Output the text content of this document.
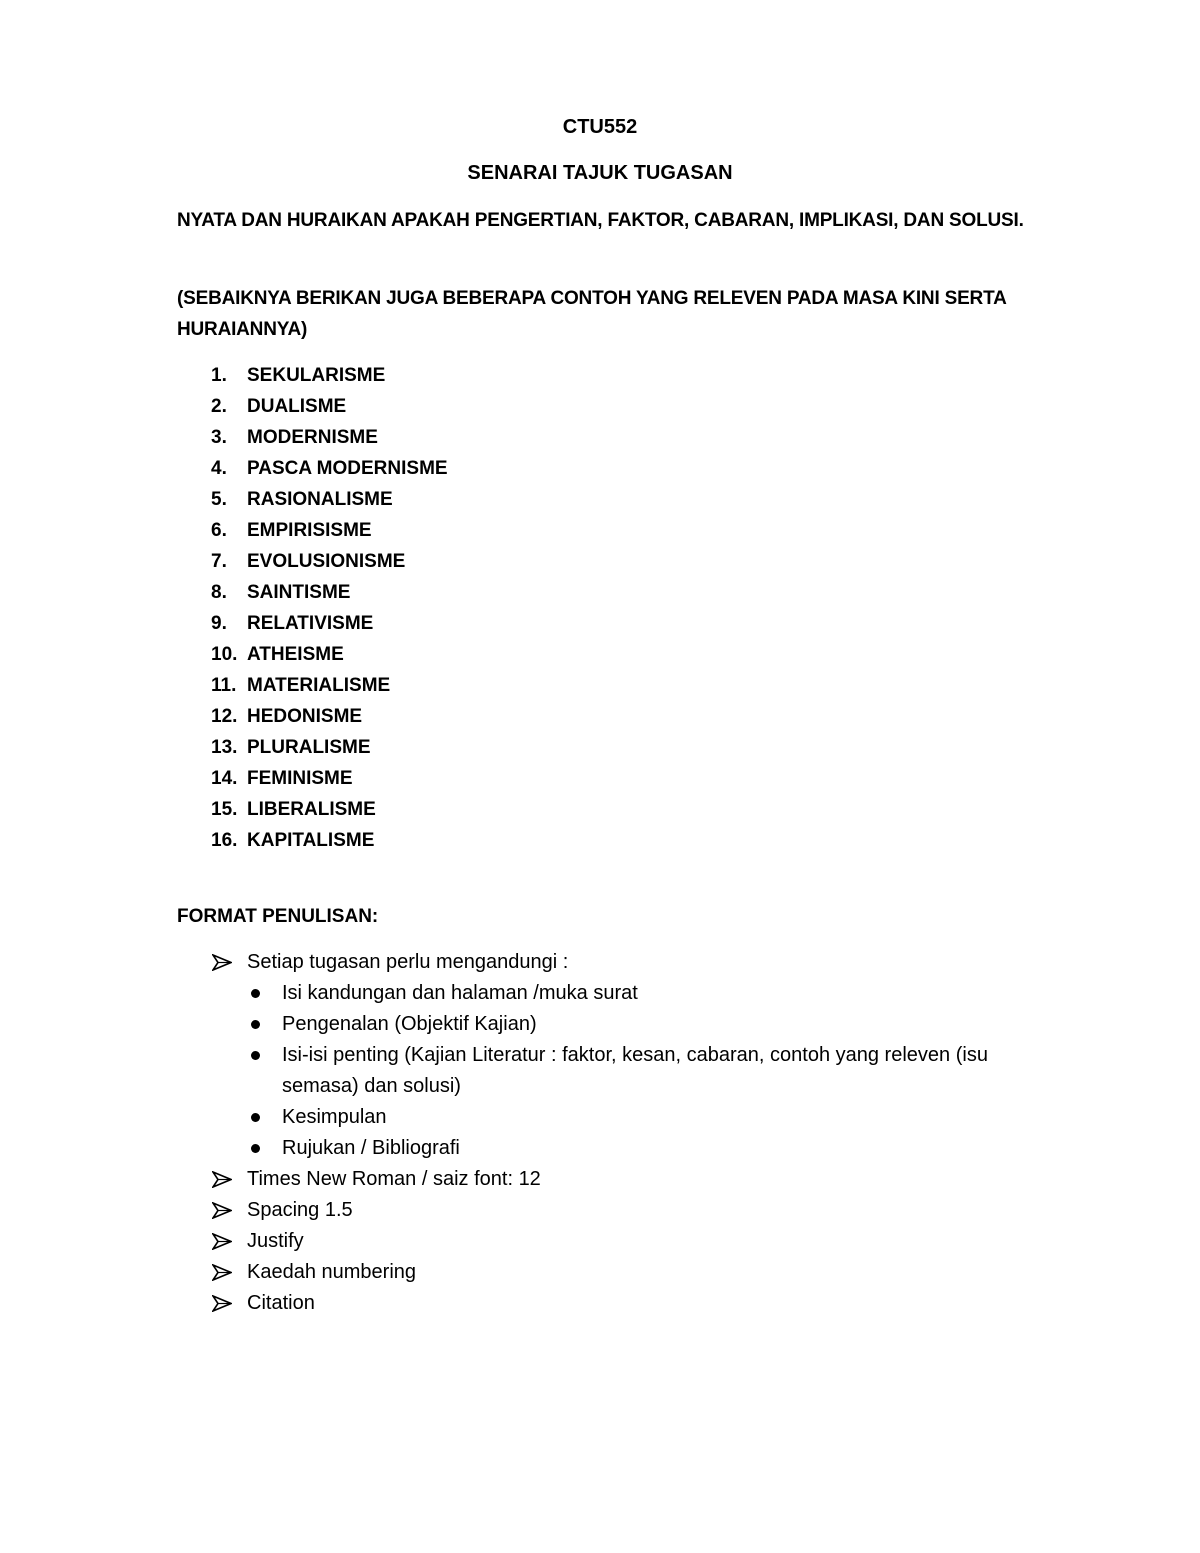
CTU552
SENARAI TAJUK TUGASAN
NYATA DAN HURAIKAN APAKAH PENGERTIAN, FAKTOR, CABARAN, IMPLIKASI, DAN SOLUSI.
(SEBAIKNYA BERIKAN JUGA BEBERAPA CONTOH YANG RELEVEN PADA MASA KINI SERTA HURAIANNYA)
1.	SEKULARISME
2.	DUALISME
3.	MODERNISME
4.	PASCA MODERNISME
5.	RASIONALISME
6.	EMPIRISISME
7.	EVOLUSIONISME
8.	SAINTISME
9.	RELATIVISME
10. ATHEISME
11. MATERIALISME
12. HEDONISME
13. PLURALISME
14. FEMINISME
15. LIBERALISME
16. KAPITALISME
FORMAT PENULISAN:
Setiap tugasan perlu mengandungi :
Isi kandungan dan halaman /muka surat
Pengenalan (Objektif Kajian)
Isi-isi penting (Kajian Literatur : faktor, kesan, cabaran, contoh yang releven (isu semasa) dan solusi)
Kesimpulan
Rujukan / Bibliografi
Times New Roman / saiz font: 12
Spacing 1.5
Justify
Kaedah numbering
Citation
